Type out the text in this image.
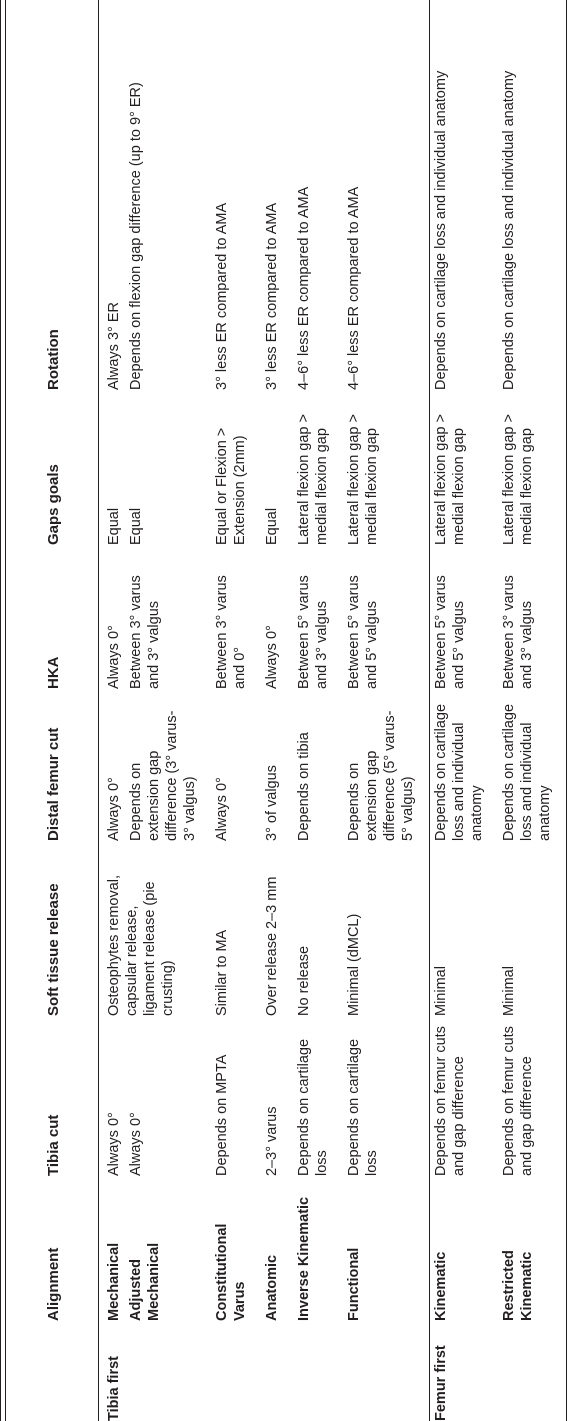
	Alignment	Tibia cut	Soft tissue release	Distal femur cut	HKA	Gaps goals	Rotation
Tibia first	Mechanical	Always 0°	Osteophytes removal, capsular release, ligament release (pie crusting)	Always 0°	Always 0°	Equal	Always 3° ER
	Adjusted Mechanical	Always 0°		Depends on extension gap difference (3° varus-3° valgus)	Between 3° varus and 3° valgus	Equal	Depends on flexion gap difference (up to 9° ER)
	Constitutional Varus	Depends on MPTA	Similar to MA	Always 0°	Between 3° varus and 0°	Equal or Flexion > Extension (2mm)	3° less ER compared to AMA
	Anatomic	2–3° varus	Over release 2–3 mm	3° of valgus	Always 0°	Equal	3° less ER compared to AMA
	Inverse Kinematic	Depends on cartilage loss	No release	Depends on tibia	Between 5° varus and 3° valgus	Lateral flexion gap > medial flexion gap	4–6° less ER compared to AMA
	Functional	Depends on cartilage loss	Minimal (dMCL)	Depends on extension gap difference (5° varus-5° valgus)	Between 5° varus and 5° valgus	Lateral flexion gap > medial flexion gap	4–6° less ER compared to AMA
Femur first	Kinematic	Depends on femur cuts and gap difference	Minimal	Depends on cartilage loss and individual anatomy	Between 5° varus and 5° valgus	Lateral flexion gap > medial flexion gap	Depends on cartilage loss and individual anatomy
	Restricted Kinematic	Depends on femur cuts and gap difference	Minimal	Depends on cartilage loss and individual anatomy	Between 3° varus and 3° valgus	Lateral flexion gap > medial flexion gap	Depends on cartilage loss and individual anatomy
